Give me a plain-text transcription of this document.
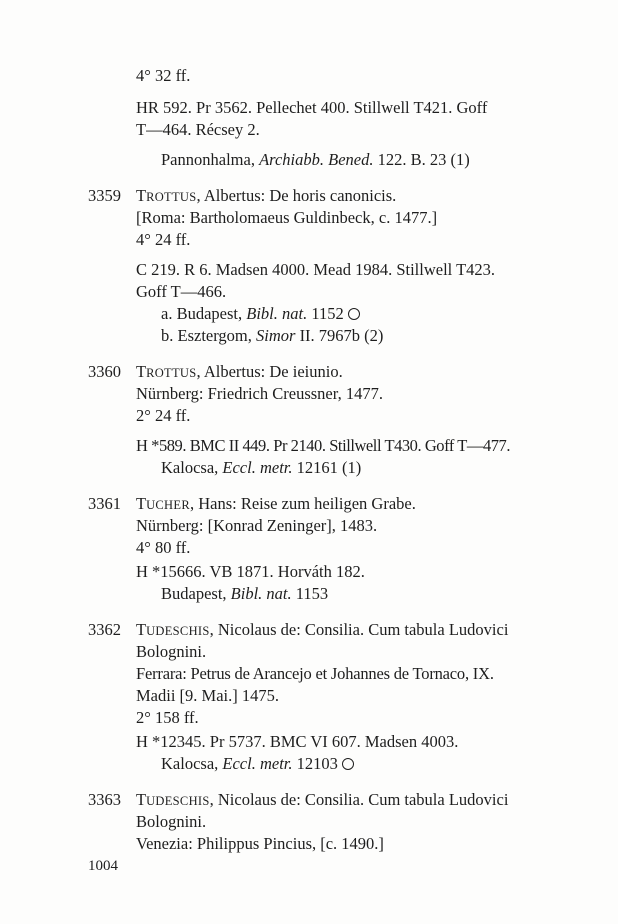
4° 32 ff.
HR 592. Pr 3562. Pellechet 400. Stillwell T421. Goff
T—464. Récsey 2.
Pannonhalma, Archiabb. Bened. 122. B. 23 (1)
3359 TROTTUS, Albertus: De horis canonicis.
[Roma: Bartholomaeus Guldinbeck, c. 1477.]
4° 24 ff.
C 219. R 6. Madsen 4000. Mead 1984. Stillwell T423.
Goff T—466.
a. Budapest, Bibl. nat. 1152
b. Esztergom, Simor II. 7967b (2)
3360 TROTTUS, Albertus: De ieiunio.
Nürnberg: Friedrich Creussner, 1477.
2° 24 ff.
H *589. BMC II 449. Pr 2140. Stillwell T430. Goff T—477.
Kalocsa, Eccl. metr. 12161 (1)
3361 TUCHER, Hans: Reise zum heiligen Grabe.
Nürnberg: [Konrad Zeninger], 1483.
4° 80 ff.
H *15666. VB 1871. Horváth 182.
Budapest, Bibl. nat. 1153
3362 TUDESCHIS, Nicolaus de: Consilia. Cum tabula Ludovici
Bolognini.
Ferrara: Petrus de Arancejo et Johannes de Tornaco, IX.
Madii [9. Mai.] 1475.
2° 158 ff.
H *12345. Pr 5737. BMC VI 607. Madsen 4003.
Kalocsa, Eccl. metr. 12103
3363 TUDESCHIS, Nicolaus de: Consilia. Cum tabula Ludovici
Bolognini.
Venezia: Philippus Pincius, [c. 1490.]
1004
